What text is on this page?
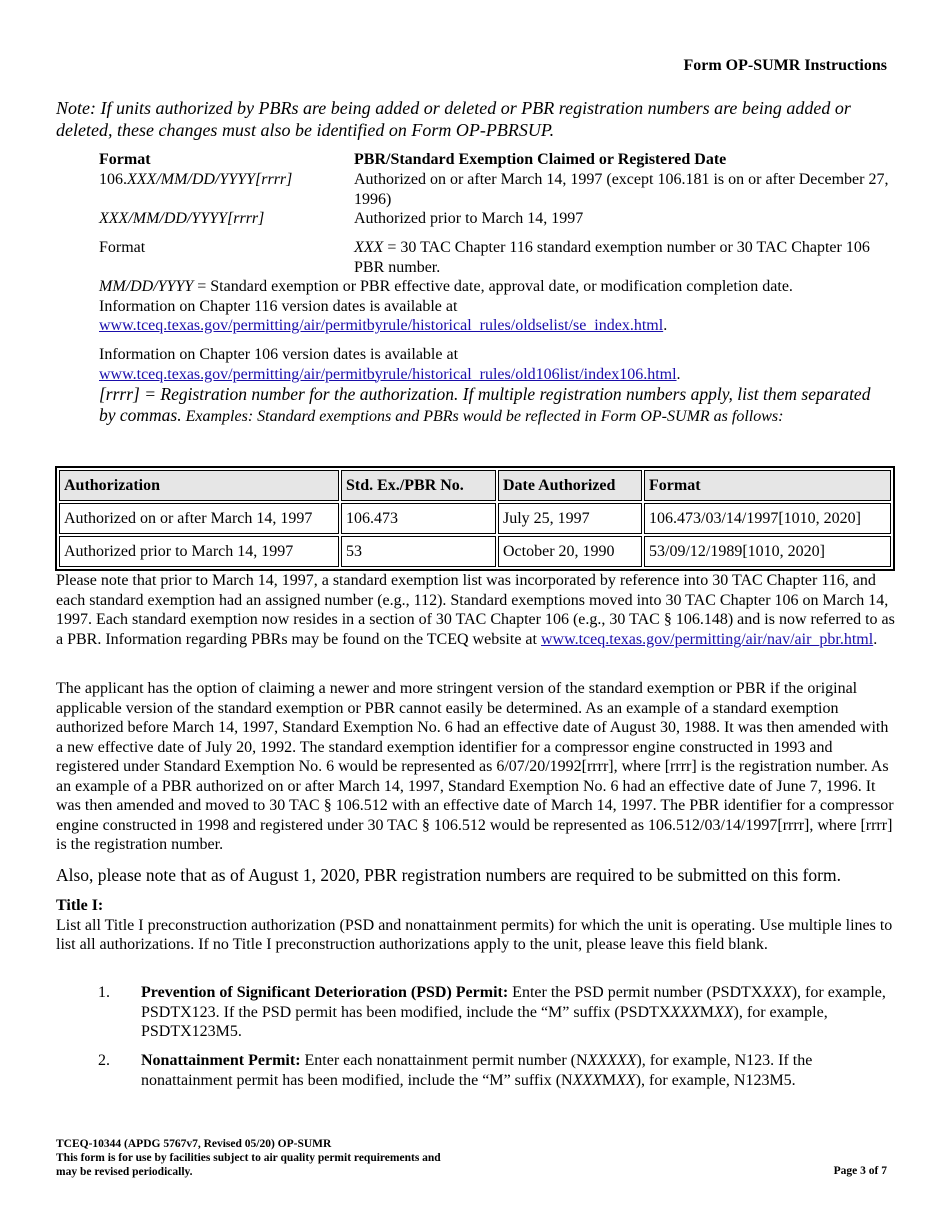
Form OP-SUMR Instructions
Note: If units authorized by PBRs are being added or deleted or PBR registration numbers are being added or deleted, these changes must also be identified on Form OP-PBRSUP.
Format	PBR/Standard Exemption Claimed or Registered Date
106.XXX/MM/DD/YYYY[rrrr]	Authorized on or after March 14, 1997 (except 106.181 is on or after December 27, 1996)
XXX/MM/DD/YYYY[rrrr]	Authorized prior to March 14, 1997
Format	XXX = 30 TAC Chapter 116 standard exemption number or 30 TAC Chapter 106 PBR number.
MM/DD/YYYY = Standard exemption or PBR effective date, approval date, or modification completion date.
Information on Chapter 116 version dates is available at
www.tceq.texas.gov/permitting/air/permitbyrule/historical_rules/oldselist/se_index.html.
Information on Chapter 106 version dates is available at
www.tceq.texas.gov/permitting/air/permitbyrule/historical_rules/old106list/index106.html.
[rrrr] = Registration number for the authorization. If multiple registration numbers apply, list them separated by commas. Examples: Standard exemptions and PBRs would be reflected in Form OP-SUMR as follows:
Authorization	Std. Ex./PBR No.	Date Authorized	Format
Authorized on or after March 14, 1997	106.473	July 25, 1997	106.473/03/14/1997[1010, 2020]
Authorized prior to March 14, 1997	53	October 20, 1990	53/09/12/1989[1010, 2020]
Please note that prior to March 14, 1997, a standard exemption list was incorporated by reference into 30 TAC Chapter 116, and each standard exemption had an assigned number (e.g., 112). Standard exemptions moved into 30 TAC Chapter 106 on March 14, 1997. Each standard exemption now resides in a section of 30 TAC Chapter 106 (e.g., 30 TAC § 106.148) and is now referred to as a PBR. Information regarding PBRs may be found on the TCEQ website at www.tceq.texas.gov/permitting/air/nav/air_pbr.html.
The applicant has the option of claiming a newer and more stringent version of the standard exemption or PBR if the original applicable version of the standard exemption or PBR cannot easily be determined. As an example of a standard exemption authorized before March 14, 1997, Standard Exemption No. 6 had an effective date of August 30, 1988. It was then amended with a new effective date of July 20, 1992. The standard exemption identifier for a compressor engine constructed in 1993 and registered under Standard Exemption No. 6 would be represented as 6/07/20/1992[rrrr], where [rrrr] is the registration number. As an example of a PBR authorized on or after March 14, 1997, Standard Exemption No. 6 had an effective date of June 7, 1996. It was then amended and moved to 30 TAC § 106.512 with an effective date of March 14, 1997. The PBR identifier for a compressor engine constructed in 1998 and registered under 30 TAC § 106.512 would be represented as 106.512/03/14/1997[rrrr], where [rrrr] is the registration number.
Also, please note that as of August 1, 2020, PBR registration numbers are required to be submitted on this form.
Title I:
List all Title I preconstruction authorization (PSD and nonattainment permits) for which the unit is operating. Use multiple lines to list all authorizations. If no Title I preconstruction authorizations apply to the unit, please leave this field blank.
1. Prevention of Significant Deterioration (PSD) Permit: Enter the PSD permit number (PSDTXXXX), for example, PSDTX123. If the PSD permit has been modified, include the “M” suffix (PSDTXXXXMXX), for example, PSDTX123M5.
2. Nonattainment Permit: Enter each nonattainment permit number (NXXXXX), for example, N123. If the nonattainment permit has been modified, include the “M” suffix (NXXXMXX), for example, N123M5.
TCEQ-10344 (APDG 5767v7, Revised 05/20) OP-SUMR
This form is for use by facilities subject to air quality permit requirements and
may be revised periodically.	Page 3 of 7
